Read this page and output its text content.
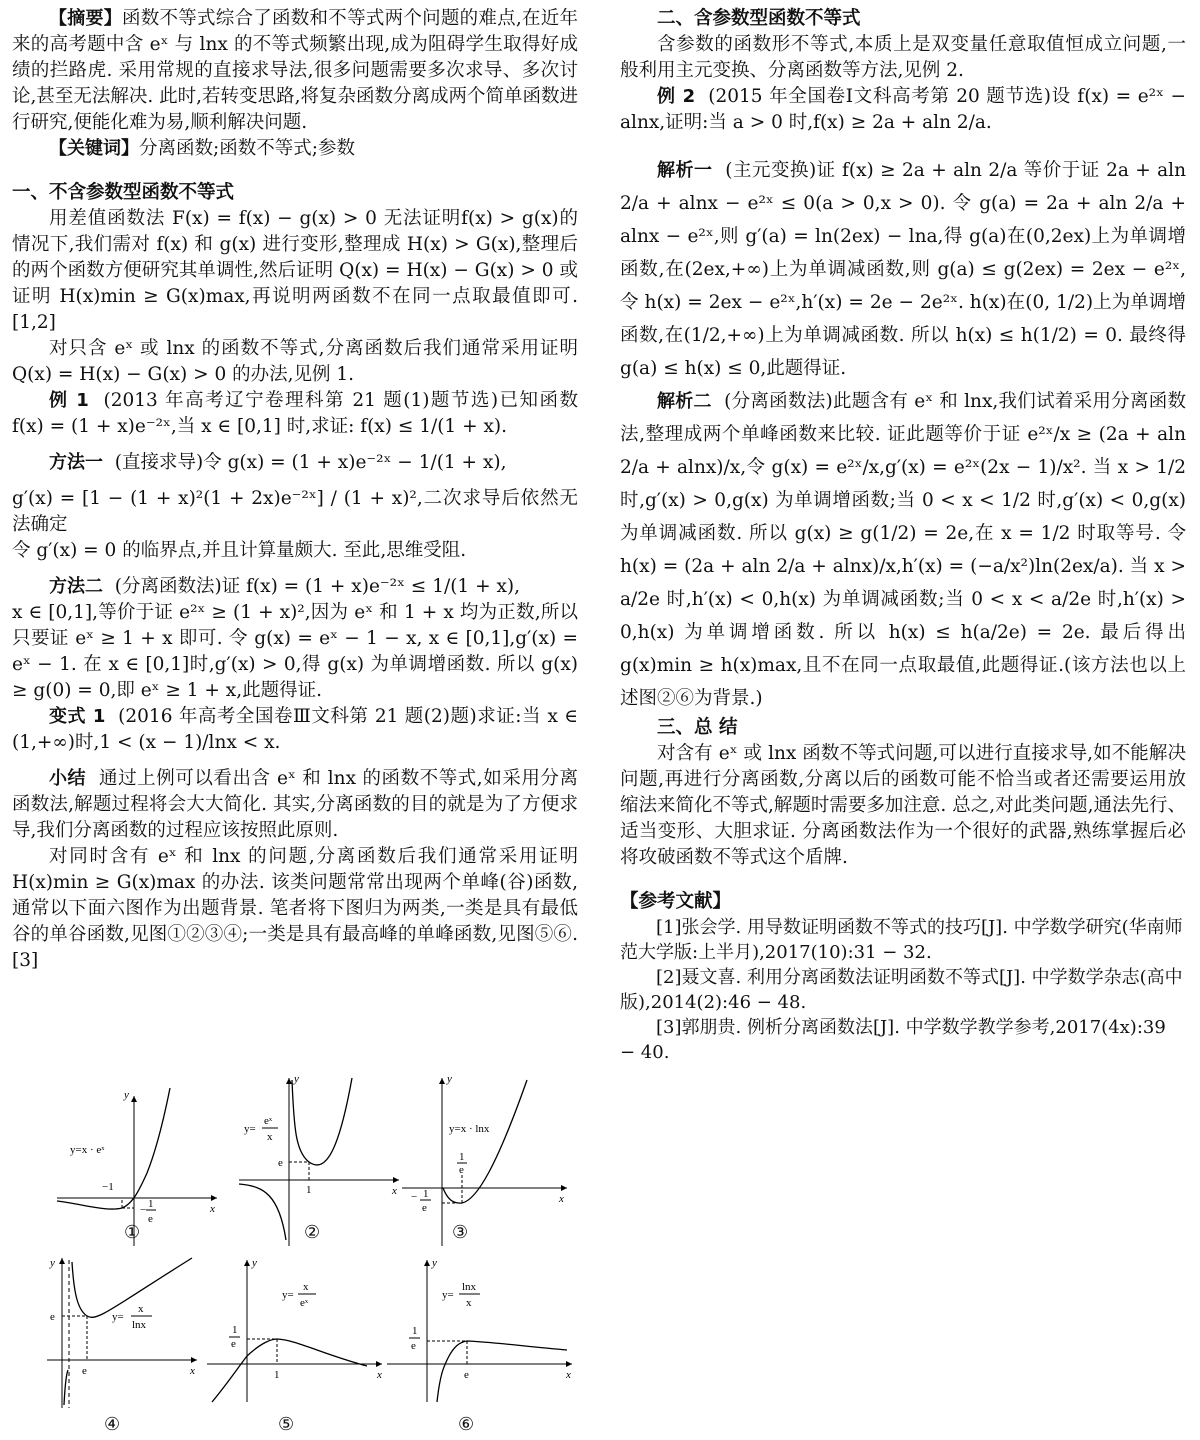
【摘要】函数不等式综合了函数和不等式两个问题的难点,在近年来的高考题中含 eˣ 与 lnx 的不等式频繁出现,成为阻碍学生取得好成绩的拦路虎. 采用常规的直接求导法,很多问题需要多次求导、多次讨论,甚至无法解决. 此时,若转变思路,将复杂函数分离成两个简单函数进行研究,便能化难为易,顺利解决问题.

【关键词】分离函数;函数不等式;参数

一、不含参数型函数不等式

用差值函数法 F(x) = f(x) − g(x) > 0 无法证明f(x) > g(x)的情况下,我们需对 f(x) 和 g(x) 进行变形,整理成 H(x) > G(x),整理后的两个函数方便研究其单调性,然后证明 Q(x) = H(x) − G(x) > 0 或证明 H(x)min ≥ G(x)max,再说明两函数不在同一点取最值即可. [1,2]

对只含 eˣ 或 lnx 的函数不等式,分离函数后我们通常采用证明 Q(x) = H(x) − G(x) > 0 的办法,见例 1.

例 1 (2013 年高考辽宁卷理科第 21 题(1)题节选)已知函数 f(x) = (1 + x)e⁻²ˣ,当 x ∈ [0,1] 时,求证: f(x) ≤ 1/(1 + x).

方法一 (直接求导)令 g(x) = (1 + x)e⁻²ˣ − 1/(1 + x),

g′(x) = [1 − (1 + x)²(1 + 2x)e⁻²ˣ] / (1 + x)²,二次求导后依然无法确定

令 g′(x) = 0 的临界点,并且计算量颇大. 至此,思维受阻.

方法二 (分离函数法)证 f(x) = (1 + x)e⁻²ˣ ≤ 1/(1 + x),

x ∈ [0,1],等价于证 e²ˣ ≥ (1 + x)²,因为 eˣ 和 1 + x 均为正数,所以只要证 eˣ ≥ 1 + x 即可. 令 g(x) = eˣ − 1 − x, x ∈ [0,1],g′(x) = eˣ − 1. 在 x ∈ [0,1]时,g′(x) > 0,得 g(x) 为单调增函数. 所以 g(x) ≥ g(0) = 0,即 eˣ ≥ 1 + x,此题得证.

变式 1 (2016 年高考全国卷Ⅲ文科第 21 题(2)题)求证:当 x ∈ (1,+∞)时,1 < (x − 1)/lnx < x.

小结 通过上例可以看出含 eˣ 和 lnx 的函数不等式,如采用分离函数法,解题过程将会大大简化. 其实,分离函数的目的就是为了方便求导,我们分离函数的过程应该按照此原则.

对同时含有 eˣ 和 lnx 的问题,分离函数后我们通常采用证明 H(x)min ≥ G(x)max 的办法. 该类问题常常出现两个单峰(谷)函数,通常以下面六图作为出题背景. 笔者将下图归为两类,一类是具有最低谷的单谷函数,见图①②③④;一类是具有最高峰的单峰函数,见图⑤⑥. [3]

y
x
y=x · eˣ
−1
− 1
e
①
y
x
y=
eˣ
x
e
1
②
y
x
y=x · lnx
1
e
− 1
e
③
y
x
y=
x
lnx
e
e
④
y
x
y=
x
eˣ
1
e
1
⑤
y
x
y=
lnx
x
1
e
e
⑥

二、含参数型函数不等式

含参数的函数形不等式,本质上是双变量任意取值恒成立问题,一般利用主元变换、分离函数等方法,见例 2.

例 2 (2015 年全国卷Ⅰ文科高考第 20 题节选)设 f(x) = e²ˣ − alnx,证明:当 a > 0 时,f(x) ≥ 2a + aln 2/a.

解析一 (主元变换)证 f(x) ≥ 2a + aln 2/a 等价于证 2a + aln 2/a + alnx − e²ˣ ≤ 0(a > 0,x > 0). 令 g(a) = 2a + aln 2/a + alnx − e²ˣ,则 g′(a) = ln(2ex) − lna,得 g(a)在(0,2ex)上为单调增函数,在(2ex,+∞)上为单调减函数,则 g(a) ≤ g(2ex) = 2ex − e²ˣ,令 h(x) = 2ex − e²ˣ,h′(x) = 2e − 2e²ˣ. h(x)在(0, 1/2)上为单调增函数,在(1/2,+∞)上为单调减函数. 所以 h(x) ≤ h(1/2) = 0. 最终得 g(a) ≤ h(x) ≤ 0,此题得证.

解析二 (分离函数法)此题含有 eˣ 和 lnx,我们试着采用分离函数法,整理成两个单峰函数来比较. 证此题等价于证 e²ˣ/x ≥ (2a + aln 2/a + alnx)/x,令 g(x) = e²ˣ/x,g′(x) = e²ˣ(2x − 1)/x². 当 x > 1/2 时,g′(x) > 0,g(x) 为单调增函数;当 0 < x < 1/2 时,g′(x) < 0,g(x) 为单调减函数. 所以 g(x) ≥ g(1/2) = 2e,在 x = 1/2 时取等号. 令 h(x) = (2a + aln 2/a + alnx)/x,h′(x) = (−a/x²)ln(2ex/a). 当 x > a/2e 时,h′(x) < 0,h(x) 为单调减函数;当 0 < x < a/2e 时,h′(x) > 0,h(x) 为单调增函数. 所以 h(x) ≤ h(a/2e) = 2e. 最后得出 g(x)min ≥ h(x)max,且不在同一点取最值,此题得证.(该方法也以上述图②⑥为背景.)

三、总 结

对含有 eˣ 或 lnx 函数不等式问题,可以进行直接求导,如不能解决问题,再进行分离函数,分离以后的函数可能不恰当或者还需要运用放缩法来简化不等式,解题时需要多加注意. 总之,对此类问题,通法先行、适当变形、大胆求证. 分离函数法作为一个很好的武器,熟练掌握后必将攻破函数不等式这个盾牌.

【参考文献】

[1]张会学. 用导数证明函数不等式的技巧[J]. 中学数学研究(华南师范大学版:上半月),2017(10):31 − 32.

[2]聂文喜. 利用分离函数法证明函数不等式[J]. 中学数学杂志(高中版),2014(2):46 − 48.

[3]郭朋贵. 例析分离函数法[J]. 中学数学教学参考,2017(4x):39 − 40.
